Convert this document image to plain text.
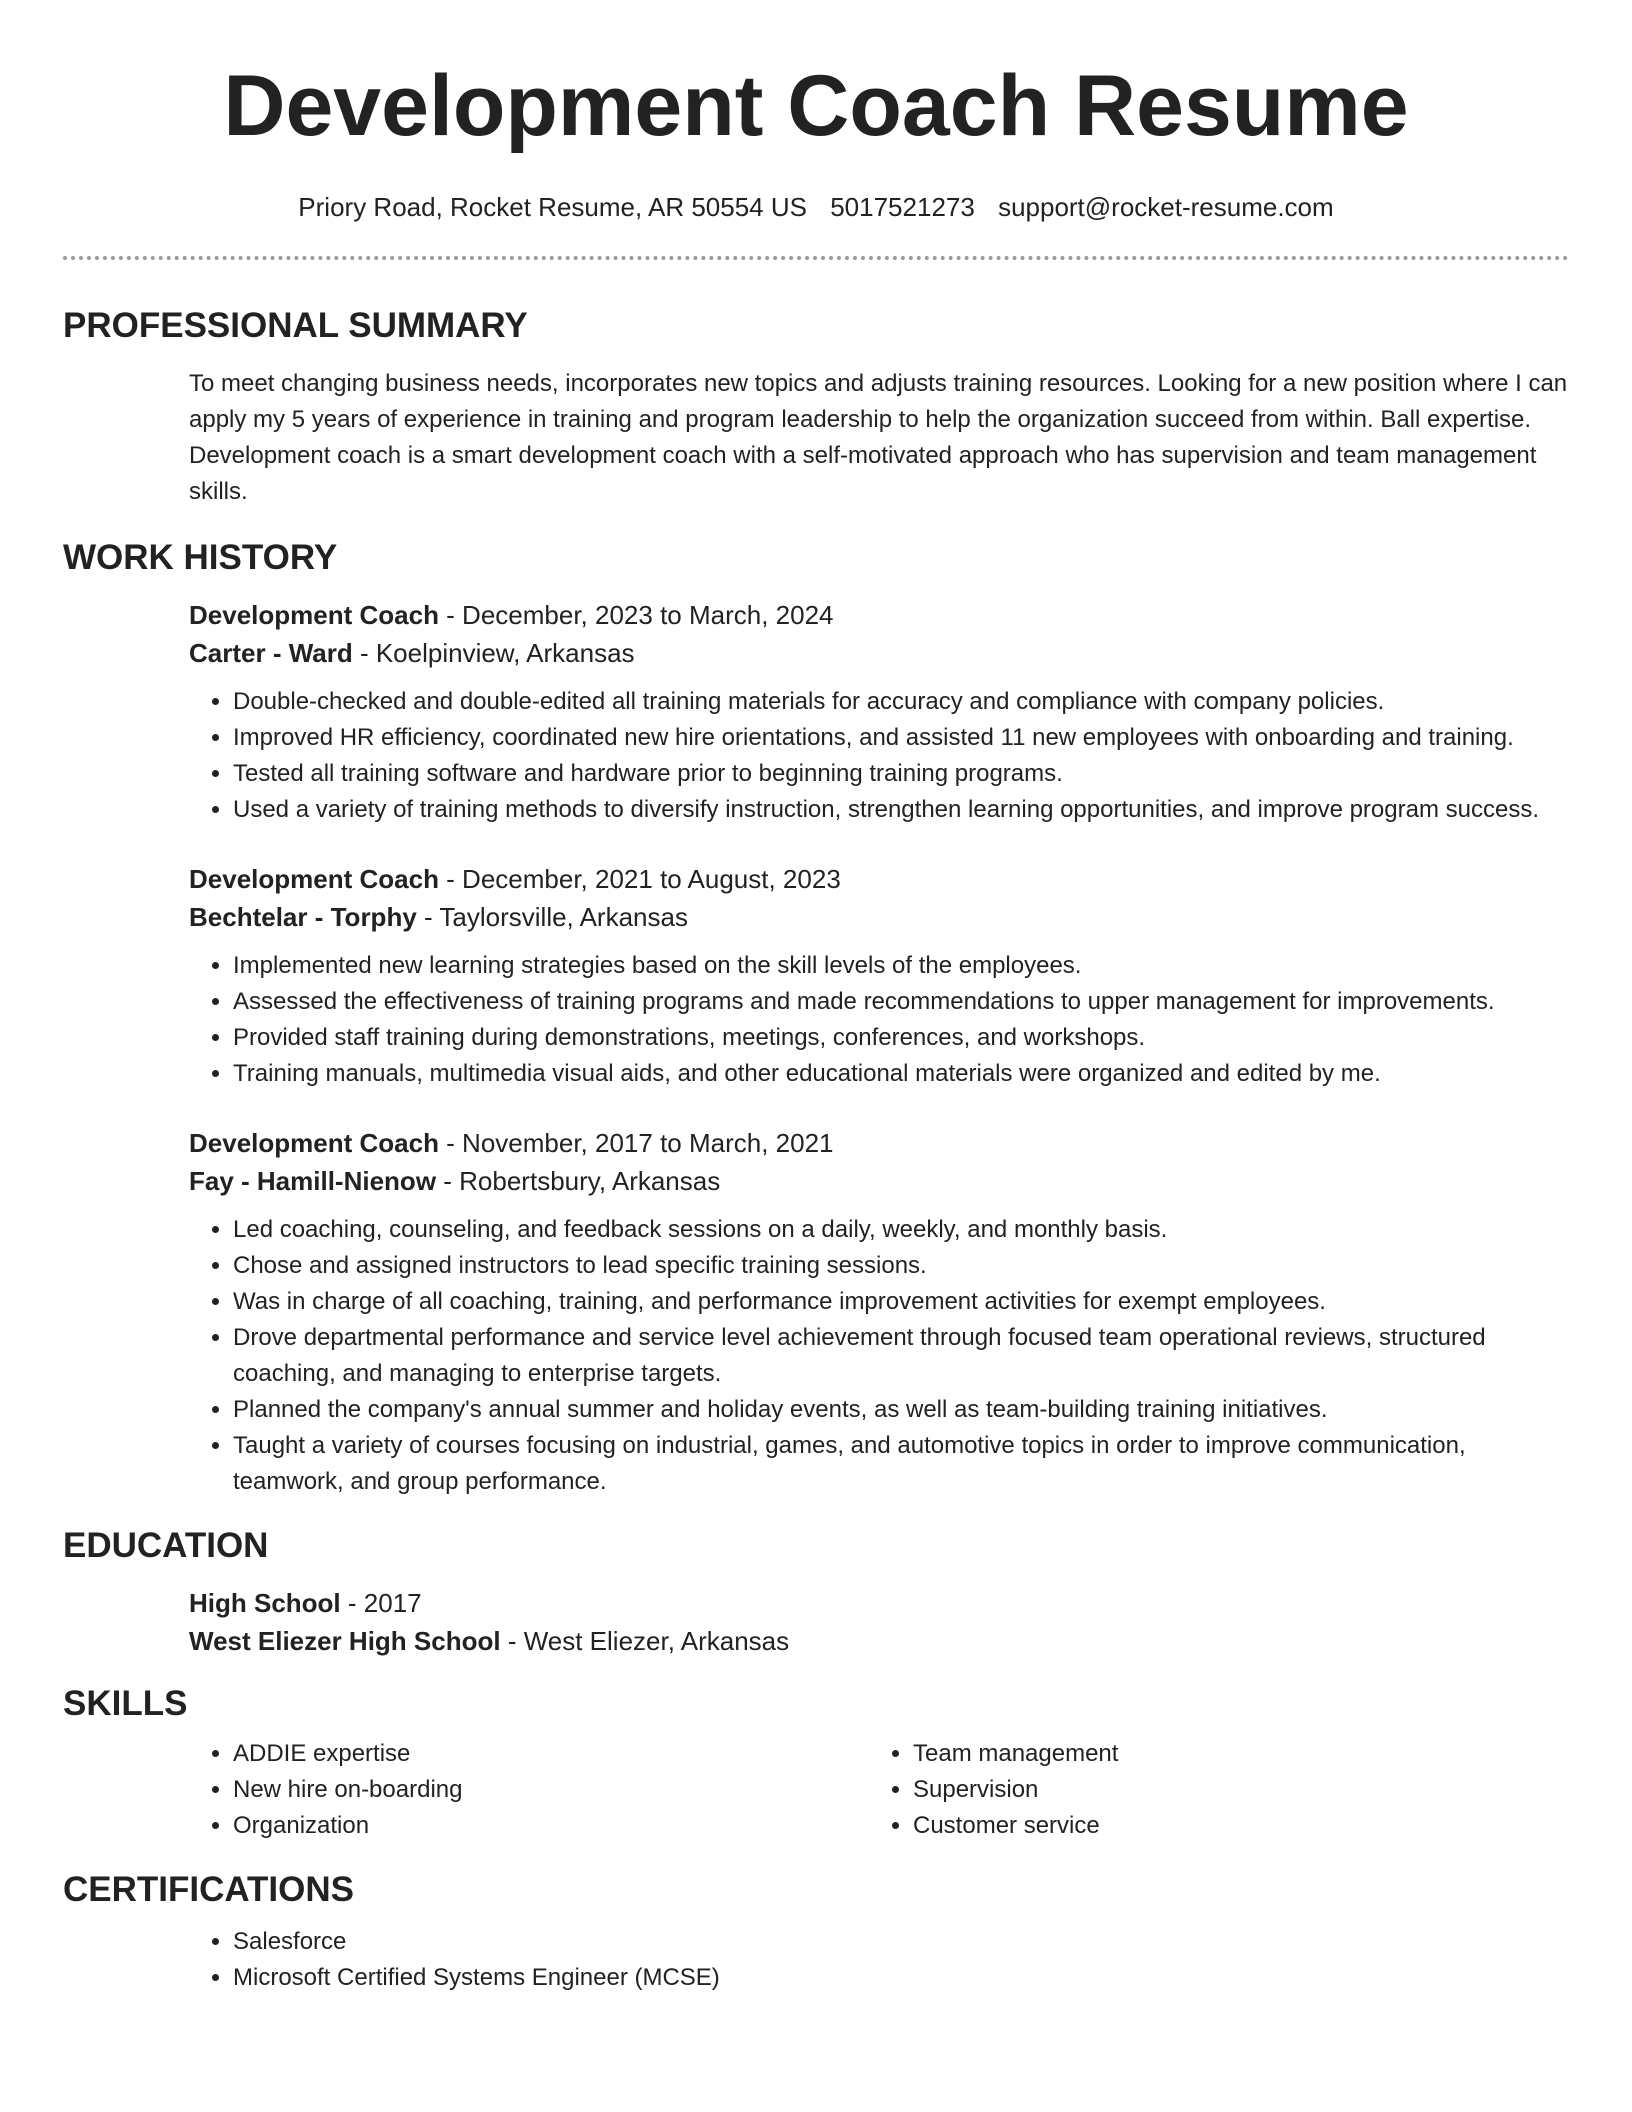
Development Coach Resume
Priory Road, Rocket Resume, AR 50554 US 5017521273 support@rocket-resume.com
PROFESSIONAL SUMMARY

To meet changing business needs, incorporates new topics and adjusts training resources. Looking for a new position where I can apply my 5 years of experience in training and program leadership to help the organization succeed from within. Ball expertise. Development coach is a smart development coach with a self-motivated approach who has supervision and team management skills.

WORK HISTORY
Development Coach - December, 2023 to March, 2024
Carter - Ward - Koelpinview, Arkansas
• Double-checked and double-edited all training materials for accuracy and compliance with company policies.
• Improved HR efficiency, coordinated new hire orientations, and assisted 11 new employees with onboarding and training.
• Tested all training software and hardware prior to beginning training programs.
• Used a variety of training methods to diversify instruction, strengthen learning opportunities, and improve program success.
Development Coach - December, 2021 to August, 2023
Bechtelar - Torphy - Taylorsville, Arkansas
• Implemented new learning strategies based on the skill levels of the employees.
• Assessed the effectiveness of training programs and made recommendations to upper management for improvements.
• Provided staff training during demonstrations, meetings, conferences, and workshops.
• Training manuals, multimedia visual aids, and other educational materials were organized and edited by me.
Development Coach - November, 2017 to March, 2021
Fay - Hamill-Nienow - Robertsbury, Arkansas
• Led coaching, counseling, and feedback sessions on a daily, weekly, and monthly basis.
• Chose and assigned instructors to lead specific training sessions.
• Was in charge of all coaching, training, and performance improvement activities for exempt employees.
• Drove departmental performance and service level achievement through focused team operational reviews, structured coaching, and managing to enterprise targets.
• Planned the company's annual summer and holiday events, as well as team-building training initiatives.
• Taught a variety of courses focusing on industrial, games, and automotive topics in order to improve communication, teamwork, and group performance.
EDUCATION
High School - 2017
West Eliezer High School - West Eliezer, Arkansas
SKILLS
• ADDIE expertise
• New hire on-boarding
• Organization
• Team management
• Supervision
• Customer service
CERTIFICATIONS
• Salesforce
• Microsoft Certified Systems Engineer (MCSE)
